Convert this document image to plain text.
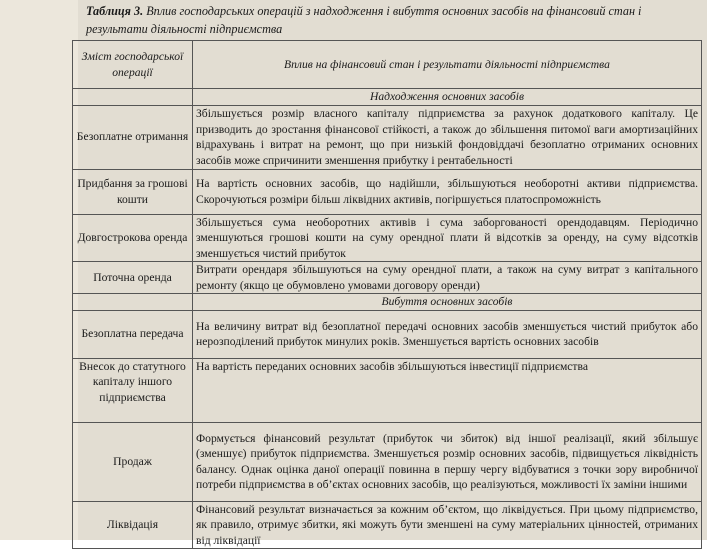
Таблиця 3. Вплив господарських операцій з надходження і вибуття основних засобів на фінансовий стан і результати діяльності підприємства
Зміст господарської операції	Вплив на фінансовий стан і результати діяльності підприємства
	Надходження основних засобів
Безоплатне отримання	Збільшується розмір власного капіталу підприємства за рахунок додаткового капіталу. Це призводить до зростання фінансової стійкості, а також до збільшення питомої ваги амортизаційних відрахувань і витрат на ремонт, що при низькій фондовіддачі безоплатно отриманих основних засобів може спричинити зменшення прибутку і рентабельності
Придбання за грошові кошти	На вартість основних засобів, що надійшли, збільшуються необоротні активи підприємства. Скорочуються розміри більш ліквідних активів, погіршується платоспроможність
Довгострокова оренда	Збільшується сума необоротних активів і сума заборгованості орендодавцям. Періодично зменшуються грошові кошти на суму орендної плати й відсотків за оренду, на суму відсотків зменшується чистий прибуток
Поточна оренда	Витрати орендаря збільшуються на суму орендної плати, а також на суму витрат з капітального ремонту (якщо це обумовлено умовами договору оренди)
	Вибуття основних засобів
Безоплатна передача	На величину витрат від безоплатної передачі основних засобів зменшується чистий прибуток або нерозподілений прибуток минулих років. Зменшується вартість основних засобів
Внесок до статутного капіталу іншого підприємства	На вартість переданих основних засобів збільшуються інвестиції підприємства
Продаж	Формується фінансовий результат (прибуток чи збиток) від іншої реалізації, який збільшує (зменшує) прибуток підприємства. Зменшується розмір основних засобів, підвищується ліквідність балансу. Однак оцінка даної операції повинна в першу чергу відбуватися з точки зору виробничої потреби підприємства в об’єктах основних засобів, що реалізуються, можливості їх заміни іншими
Ліквідація	Фінансовий результат визначається за кожним об’єктом, що ліквідується. При цьому підприємство, як правило, отримує збитки, які можуть бути зменшені на суму матеріальних цінностей, отриманих від ліквідації
